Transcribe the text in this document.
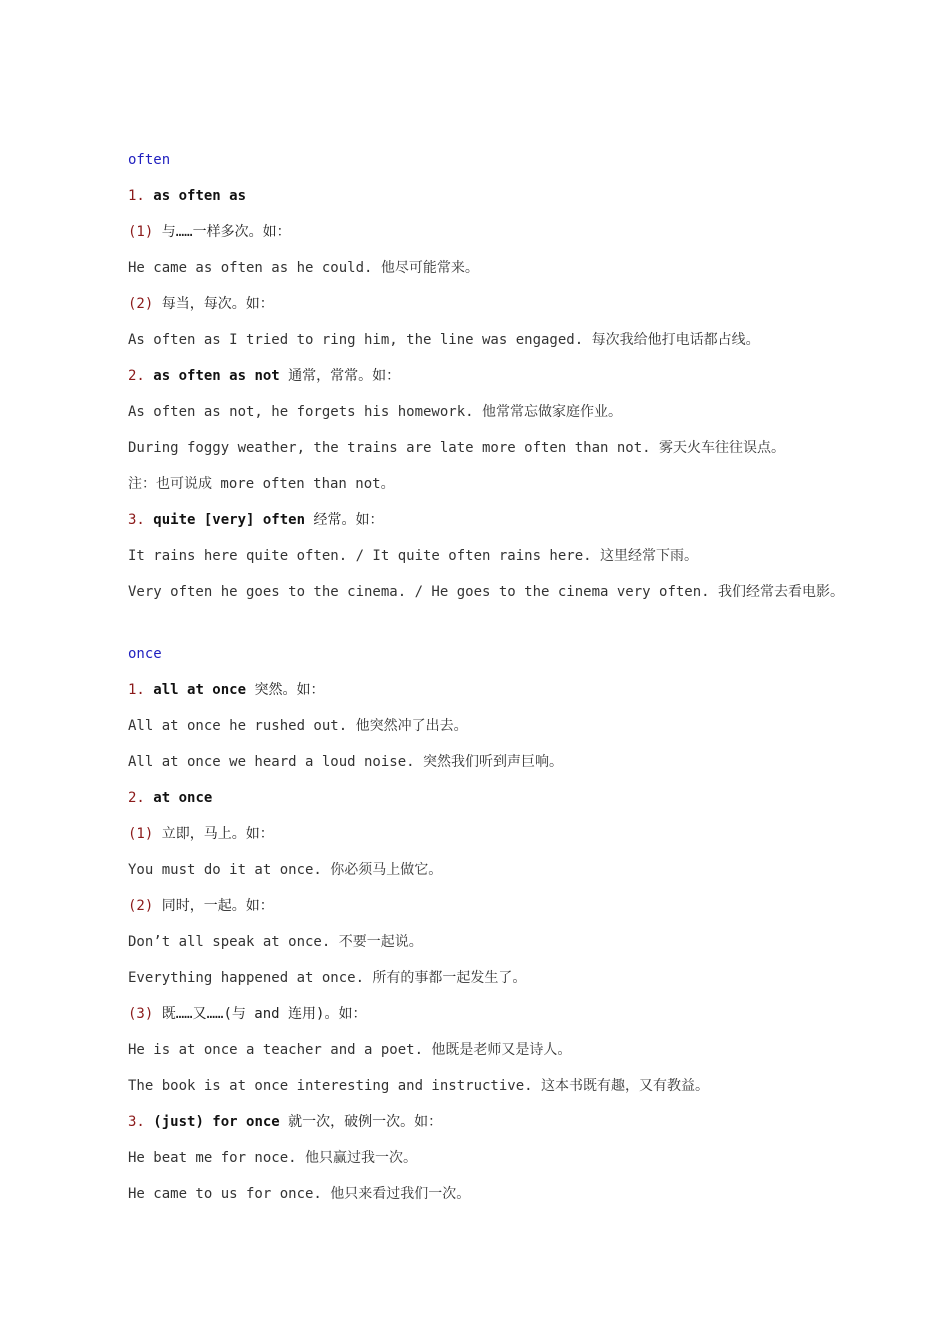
often
1. as often as
(1) 与……一样多次。如：
He came as often as he could. 他尽可能常来。
(2) 每当，每次。如：
As often as I tried to ring him, the line was engaged. 每次我给他打电话都占线。
2. as often as not 通常，常常。如：
As often as not, he forgets his homework. 他常常忘做家庭作业。
During foggy weather, the trains are late more often than not. 雾天火车往往误点。
注：也可说成 more often than not。
3. quite [very] often 经常。如：
It rains here quite often. / It quite often rains here. 这里经常下雨。
Very often he goes to the cinema. / He goes to the cinema very often. 我们经常去看电影。
once
1. all at once 突然。如：
All at once he rushed out. 他突然冲了出去。
All at once we heard a loud noise. 突然我们听到声巨响。
2. at once
(1) 立即，马上。如：
You must do it at once. 你必须马上做它。
(2) 同时，一起。如：
Don’t all speak at once. 不要一起说。
Everything happened at once. 所有的事都一起发生了。
(3) 既……又……(与 and 连用)。如：
He is at once a teacher and a poet. 他既是老师又是诗人。
The book is at once interesting and instructive. 这本书既有趣，又有教益。
3. (just) for once 就一次，破例一次。如：
He beat me for noce. 他只赢过我一次。
He came to us for once. 他只来看过我们一次。
